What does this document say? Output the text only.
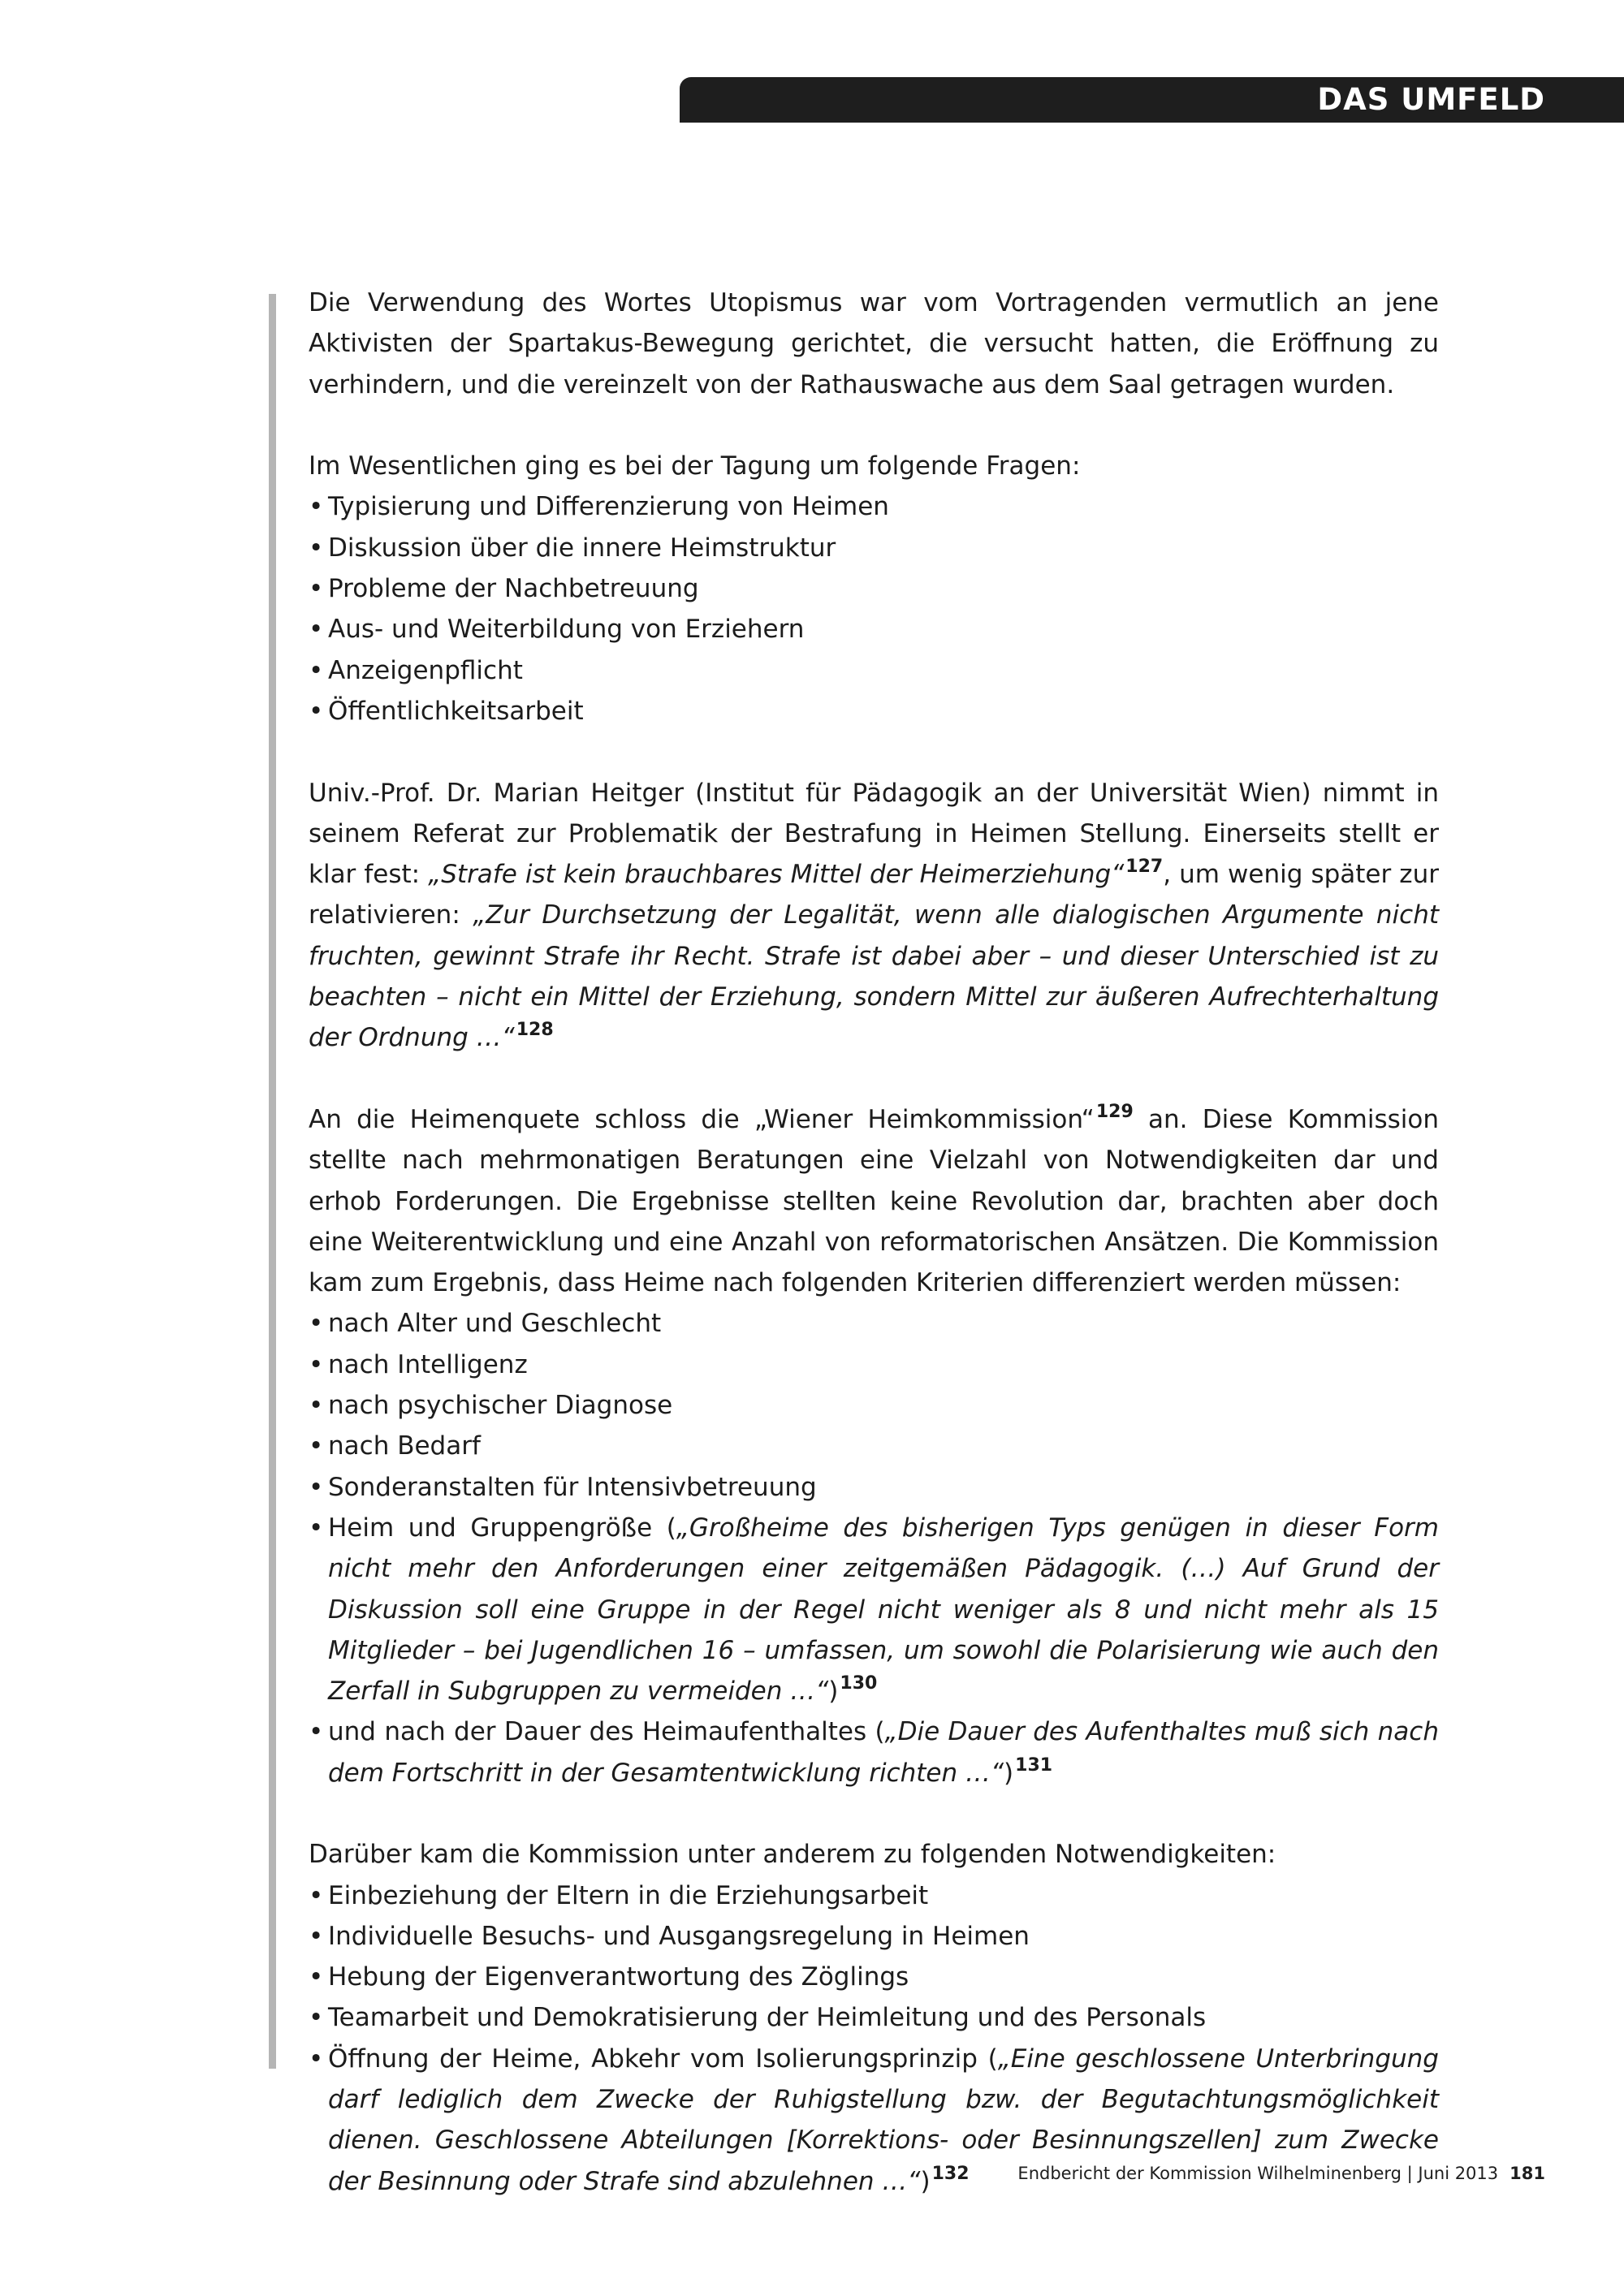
DAS UMFELD

Die Verwendung des Wortes Utopismus war vom Vortragenden vermutlich an jene Aktivisten der Spartakus-Bewegung gerichtet, die versucht hatten, die Eröffnung zu verhindern, und die vereinzelt von der Rathauswache aus dem Saal getragen wurden.

Im Wesentlichen ging es bei der Tagung um folgende Fragen:

• Typisierung und Differenzierung von Heimen
• Diskussion über die innere Heimstruktur
• Probleme der Nachbetreuung
• Aus- und Weiterbildung von Erziehern
• Anzeigenpflicht
• Öffentlichkeitsarbeit

Univ.-Prof. Dr. Marian Heitger (Institut für Pädagogik an der Universität Wien) nimmt in seinem Referat zur Problematik der Bestrafung in Heimen Stellung. Einerseits stellt er klar fest: „Strafe ist kein brauchbares Mittel der Heimerziehung“$^{127}$, um wenig später zur relativieren: „Zur Durchsetzung der Legalität, wenn alle dialogischen Argumente nicht fruchten, gewinnt Strafe ihr Recht. Strafe ist dabei aber – und dieser Unterschied ist zu beachten – nicht ein Mittel der Erziehung, sondern Mittel zur äußeren Aufrechterhaltung der Ordnung …“$^{128}$

An die Heimenquete schloss die „Wiener Heimkommission“$^{129}$ an. Diese Kommission stellte nach mehrmonatigen Beratungen eine Vielzahl von Notwendigkeiten dar und erhob Forderungen. Die Ergebnisse stellten keine Revolution dar, brachten aber doch eine Weiterentwicklung und eine Anzahl von reformatorischen Ansätzen. Die Kommission kam zum Ergebnis, dass Heime nach folgenden Kriterien differenziert werden müssen:

• nach Alter und Geschlecht
• nach Intelligenz
• nach psychischer Diagnose
• nach Bedarf
• Sonderanstalten für Intensivbetreuung
• Heim und Gruppengröße („Großheime des bisherigen Typs genügen in dieser Form nicht mehr den Anforderungen einer zeitgemäßen Pädagogik. (…) Auf Grund der Diskussion soll eine Gruppe in der Regel nicht weniger als 8 und nicht mehr als 15 Mitglieder – bei Jugendlichen 16 – umfassen, um sowohl die Polarisierung wie auch den Zerfall in Subgruppen zu vermeiden …“)$^{130}$
• und nach der Dauer des Heimaufenthaltes („Die Dauer des Aufenthaltes muß sich nach dem Fortschritt in der Gesamtentwicklung richten …“)$^{131}$

Darüber kam die Kommission unter anderem zu folgenden Notwendigkeiten:

• Einbeziehung der Eltern in die Erziehungsarbeit
• Individuelle Besuchs- und Ausgangsregelung in Heimen
• Hebung der Eigenverantwortung des Zöglings
• Teamarbeit und Demokratisierung der Heimleitung und des Personals
• Öffnung der Heime, Abkehr vom Isolierungsprinzip („Eine geschlossene Unterbringung darf lediglich dem Zwecke der Ruhigstellung bzw. der Begutachtungsmöglichkeit dienen. Geschlossene Abteilungen [Korrektions- oder Besinnungszellen] zum Zwecke der Besinnung oder Strafe sind abzulehnen …“)$^{132}$	Endbericht der Kommission Wilhelminenberg | Juni 2013 181
